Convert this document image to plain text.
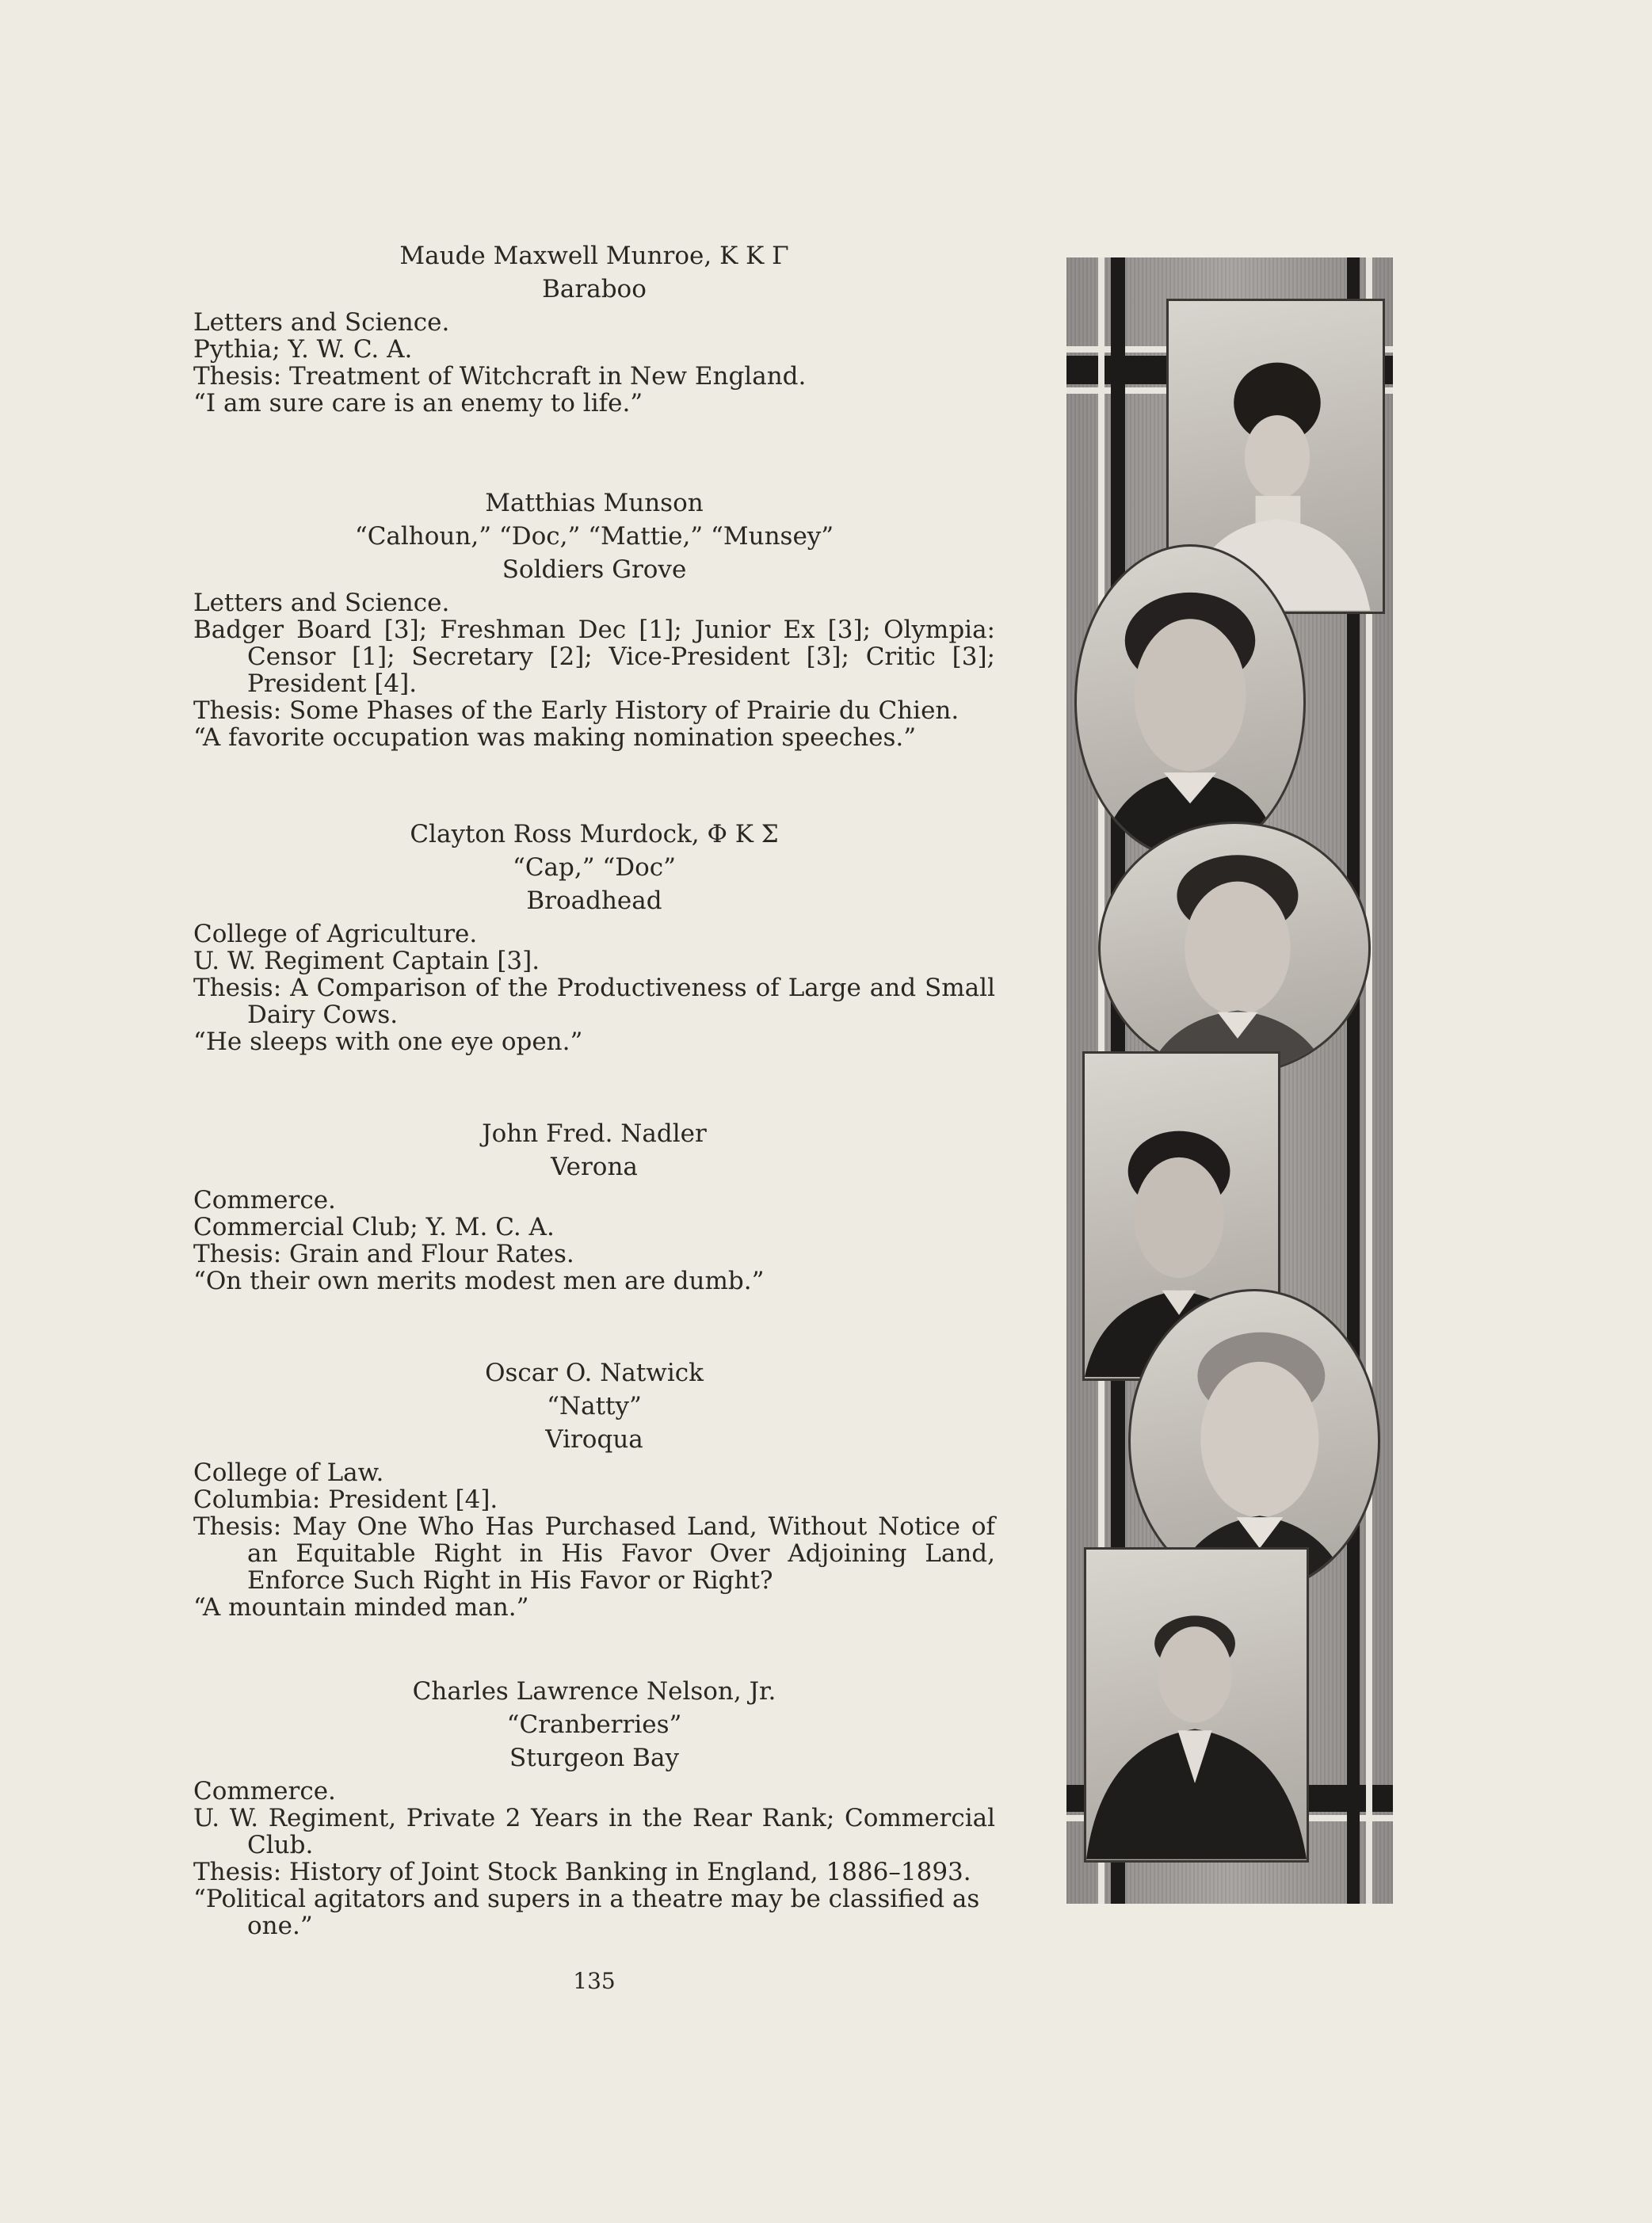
Maude Maxwell Munroe, K K Γ
Baraboo
Letters and Science.
Pythia; Y. W. C. A.
Thesis: Treatment of Witchcraft in New England.
“I am sure care is an enemy to life.”
Matthias Munson
“Calhoun,” “Doc,” “Mattie,” “Munsey”
Soldiers Grove
Letters and Science.
Badger Board [3]; Freshman Dec [1]; Junior Ex [3]; Olympia: Censor [1]; Secretary [2]; Vice-President [3]; Critic [3]; President [4].
Thesis: Some Phases of the Early History of Prairie du Chien.
“A favorite occupation was making nomination speeches.”
Clayton Ross Murdock, Φ K Σ
“Cap,” “Doc”
Broadhead
College of Agriculture.
U. W. Regiment Captain [3].
Thesis: A Comparison of the Productiveness of Large and Small Dairy Cows.
“He sleeps with one eye open.”
John Fred. Nadler
Verona
Commerce.
Commercial Club; Y. M. C. A.
Thesis: Grain and Flour Rates.
“On their own merits modest men are dumb.”
Oscar O. Natwick
“Natty”
Viroqua
College of Law.
Columbia: President [4].
Thesis: May One Who Has Purchased Land, Without Notice of an Equitable Right in His Favor Over Adjoining Land, Enforce Such Right in His Favor or Right?
“A mountain minded man.”
Charles Lawrence Nelson, Jr.
“Cranberries”
Sturgeon Bay
Commerce.
U. W. Regiment, Private 2 Years in the Rear Rank; Commercial Club.
Thesis: History of Joint Stock Banking in England, 1886–1893.
“Political agitators and supers in a theatre may be classified as one.”
135
